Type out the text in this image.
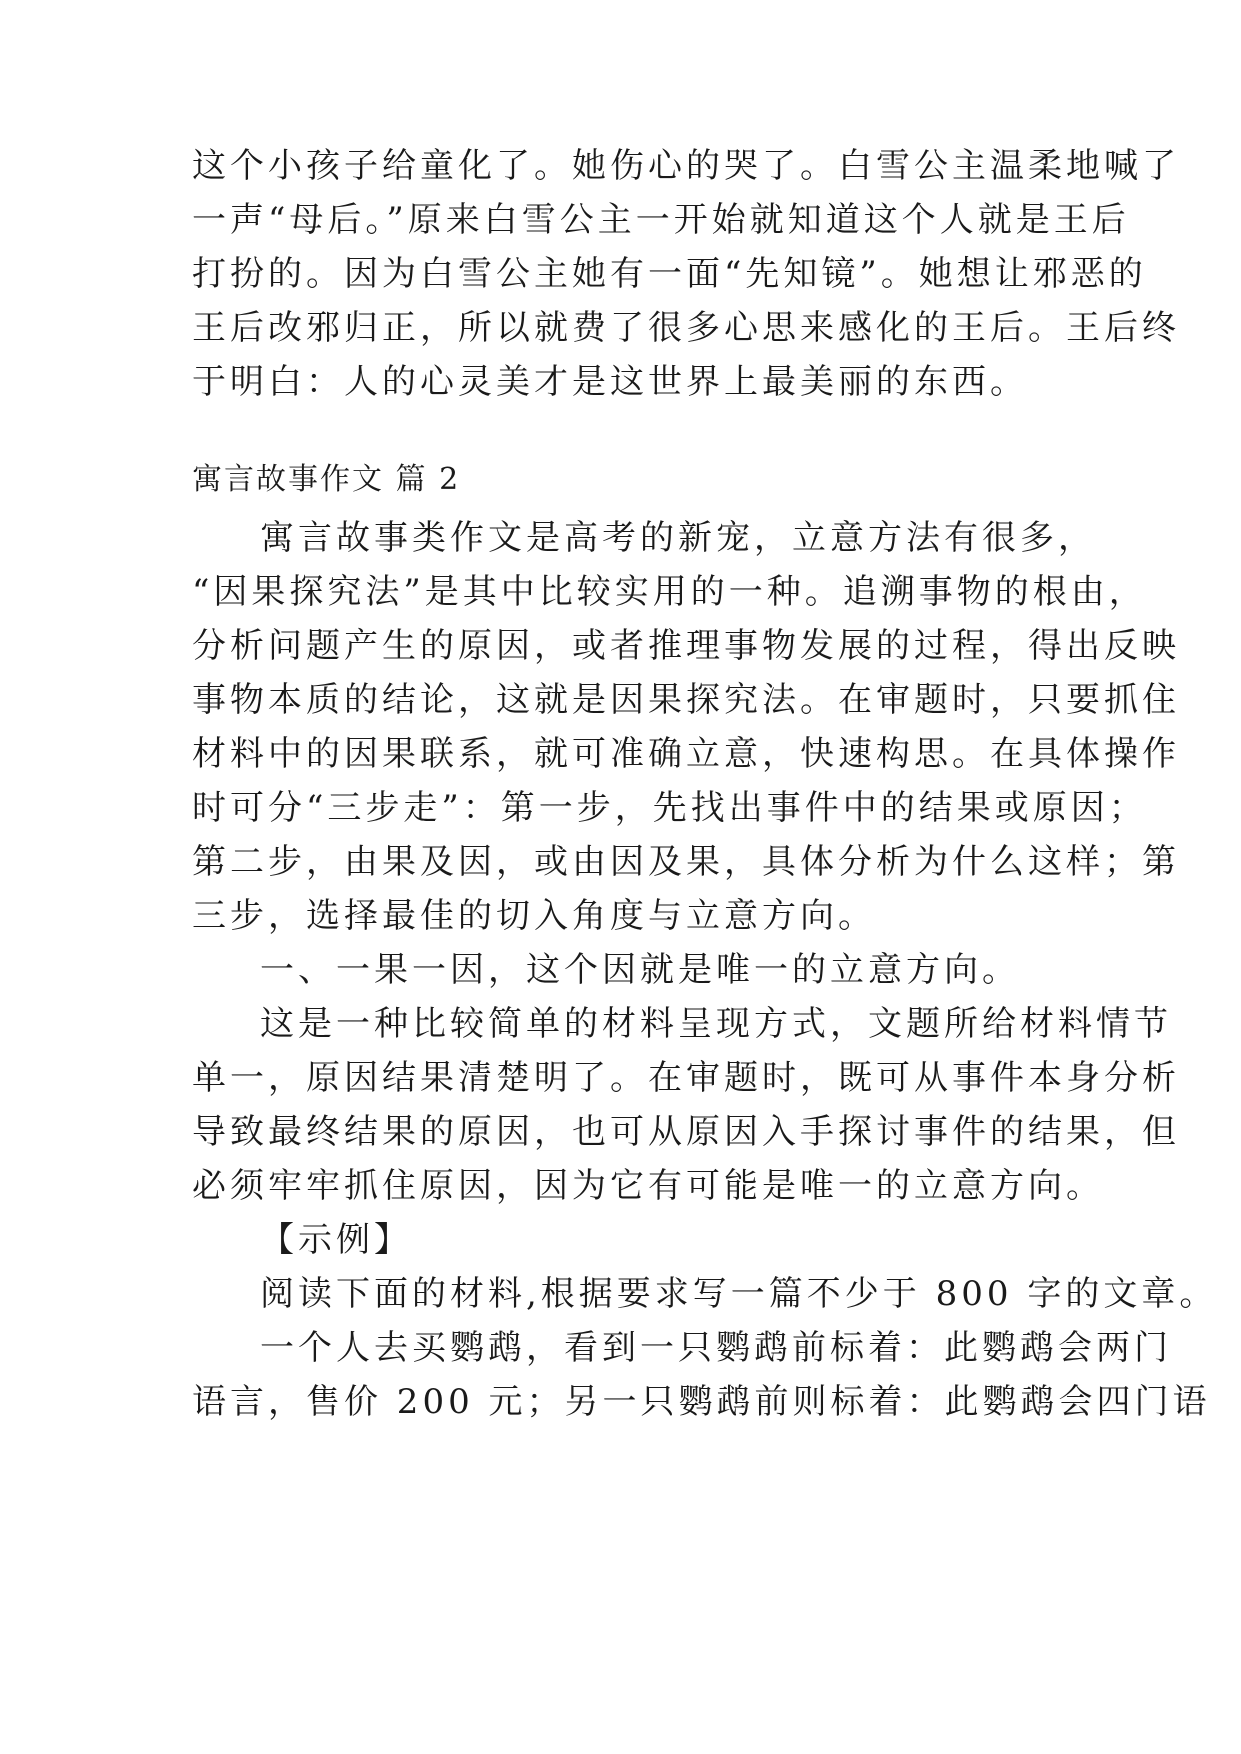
这个小孩子给童化了。她伤心的哭了。白雪公主温柔地喊了
一声“母后。”原来白雪公主一开始就知道这个人就是王后
打扮的。因为白雪公主她有一面“先知镜”。她想让邪恶的
王后改邪归正，所以就费了很多心思来感化的王后。王后终
于明白：人的心灵美才是这世界上最美丽的东西。
寓言故事作文 篇 2
寓言故事类作文是高考的新宠，立意方法有很多，
“因果探究法”是其中比较实用的一种。追溯事物的根由，
分析问题产生的原因，或者推理事物发展的过程，得出反映
事物本质的结论，这就是因果探究法。在审题时，只要抓住
材料中的因果联系，就可准确立意，快速构思。在具体操作
时可分“三步走”：第一步，先找出事件中的结果或原因；
第二步，由果及因，或由因及果，具体分析为什么这样；第
三步，选择最佳的切入角度与立意方向。
一、一果一因，这个因就是唯一的立意方向。
这是一种比较简单的材料呈现方式，文题所给材料情节
单一，原因结果清楚明了。在审题时，既可从事件本身分析
导致最终结果的原因，也可从原因入手探讨事件的结果，但
必须牢牢抓住原因，因为它有可能是唯一的立意方向。
【示例】
阅读下面的材料,根据要求写一篇不少于 800 字的文章。
一个人去买鹦鹉，看到一只鹦鹉前标着：此鹦鹉会两门
语言，售价 200 元；另一只鹦鹉前则标着：此鹦鹉会四门语
